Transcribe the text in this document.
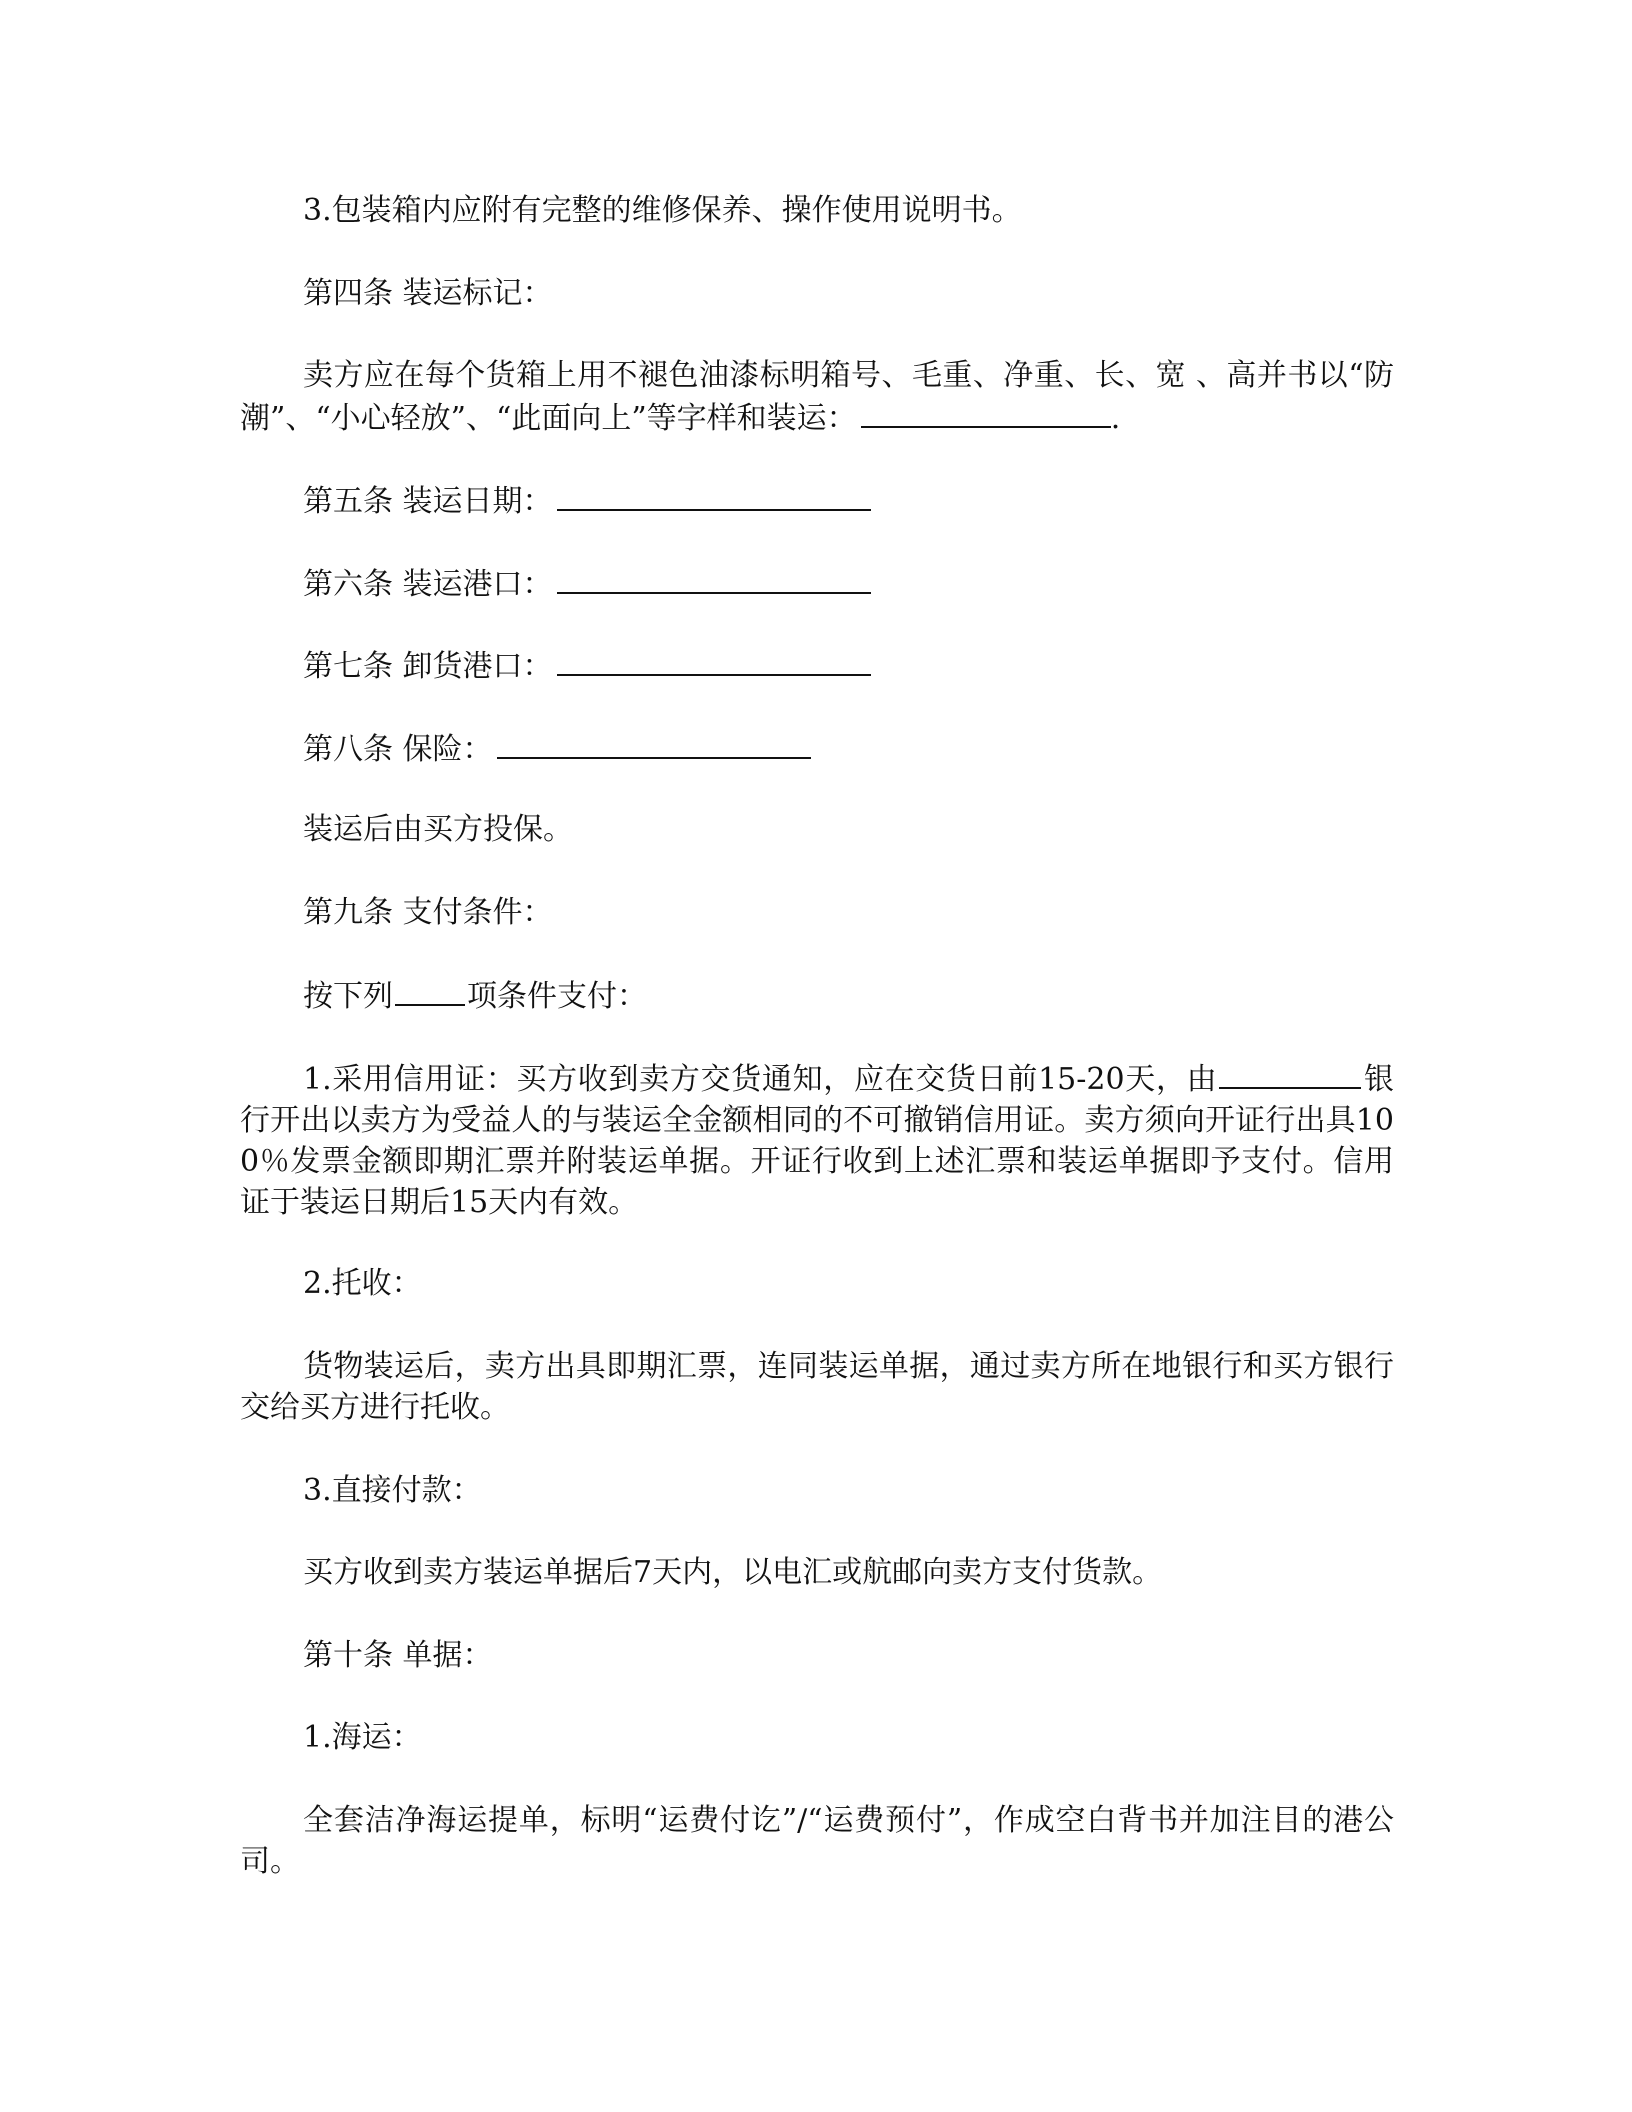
3.包装箱内应附有完整的维修保养、操作使用说明书。
第四条 装运标记：
卖方应在每个货箱上用不褪色油漆标明箱号、毛重、净重、长、宽 、高并书以“防潮”、“小心轻放”、“此面向上”等字样和装运：	.
第五条 装运日期：
第六条 装运港口：
第七条 卸货港口：
第八条 保险：
装运后由买方投保。
第九条 支付条件：
按下列 项条件支付：
1.采用信用证：买方收到卖方交货通知，应在交货日前15-20天，由	银行开出以卖方为受益人的与装运全金额相同的不可撤销信用证。卖方须向开证行出具100％发票金额即期汇票并附装运单据。开证行收到上述汇票和装运单据即予支付。信用证于装运日期后15天内有效。
2.托收：
货物装运后，卖方出具即期汇票，连同装运单据，通过卖方所在地银行和买方银行交给买方进行托收。
3.直接付款：
买方收到卖方装运单据后7天内，以电汇或航邮向卖方支付货款。
第十条 单据：
1.海运：
全套洁净海运提单，标明“运费付讫”/“运费预付”，作成空白背书并加注目的港公司。
